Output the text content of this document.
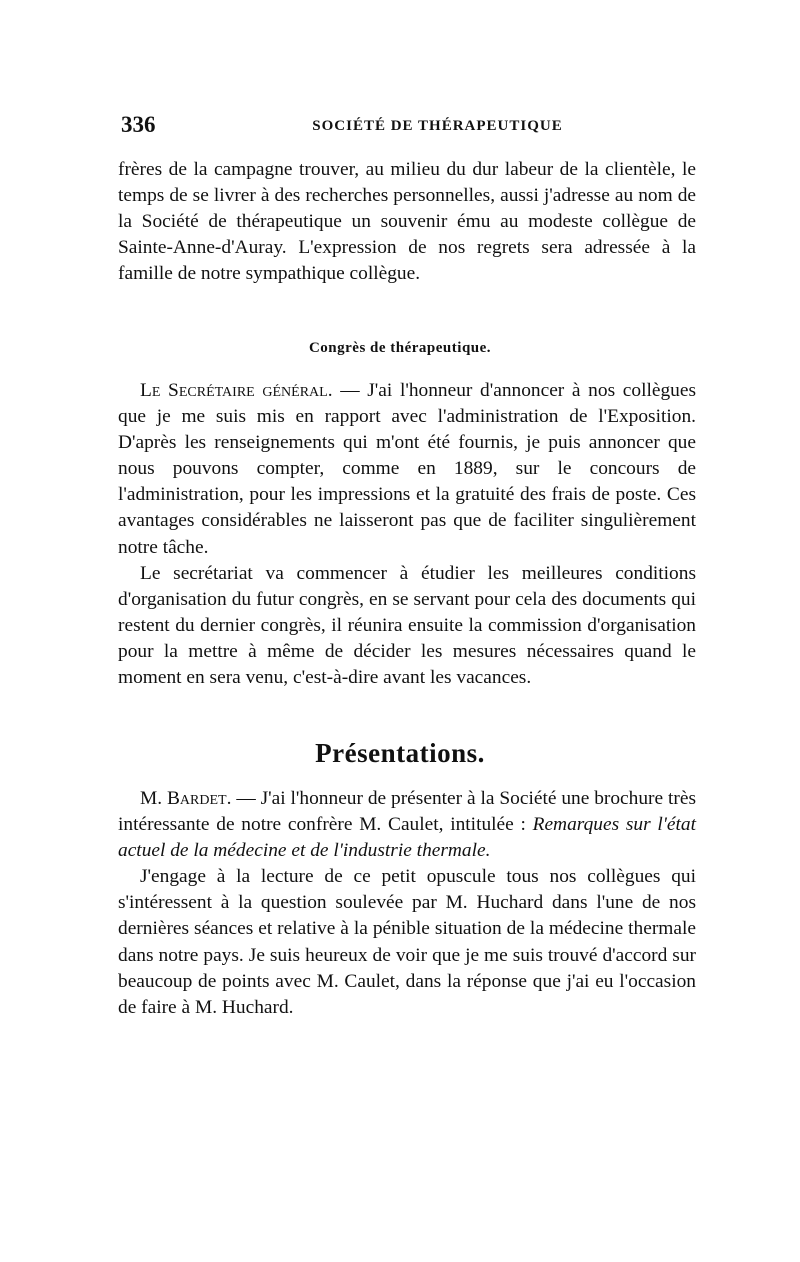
336	SOCIÉTÉ DE THÉRAPEUTIQUE

frères de la campagne trouver, au milieu du dur labeur de la clientèle, le temps de se livrer à des recherches personnelles, aussi j'adresse au nom de la Société de thérapeutique un souvenir ému au modeste collègue de Sainte-Anne-d'Auray. L'expression de nos regrets sera adressée à la famille de notre sympathique collègue.

Congrès de thérapeutique.

Le Secrétaire général. — J'ai l'honneur d'annoncer à nos collègues que je me suis mis en rapport avec l'administration de l'Exposition. D'après les renseignements qui m'ont été fournis, je puis annoncer que nous pouvons compter, comme en 1889, sur le concours de l'administration, pour les impressions et la gratuité des frais de poste. Ces avantages considérables ne laisseront pas que de faciliter singulièrement notre tâche.

Le secrétariat va commencer à étudier les meilleures conditions d'organisation du futur congrès, en se servant pour cela des documents qui restent du dernier congrès, il réunira ensuite la commission d'organisation pour la mettre à même de décider les mesures nécessaires quand le moment en sera venu, c'est-à-dire avant les vacances.

Présentations.

M. Bardet. — J'ai l'honneur de présenter à la Société une brochure très intéressante de notre confrère M. Caulet, intitulée : Remarques sur l'état actuel de la médecine et de l'industrie thermale.

J'engage à la lecture de ce petit opuscule tous nos collègues qui s'intéressent à la question soulevée par M. Huchard dans l'une de nos dernières séances et relative à la pénible situation de la médecine thermale dans notre pays. Je suis heureux de voir que je me suis trouvé d'accord sur beaucoup de points avec M. Caulet, dans la réponse que j'ai eu l'occasion de faire à M. Huchard.
